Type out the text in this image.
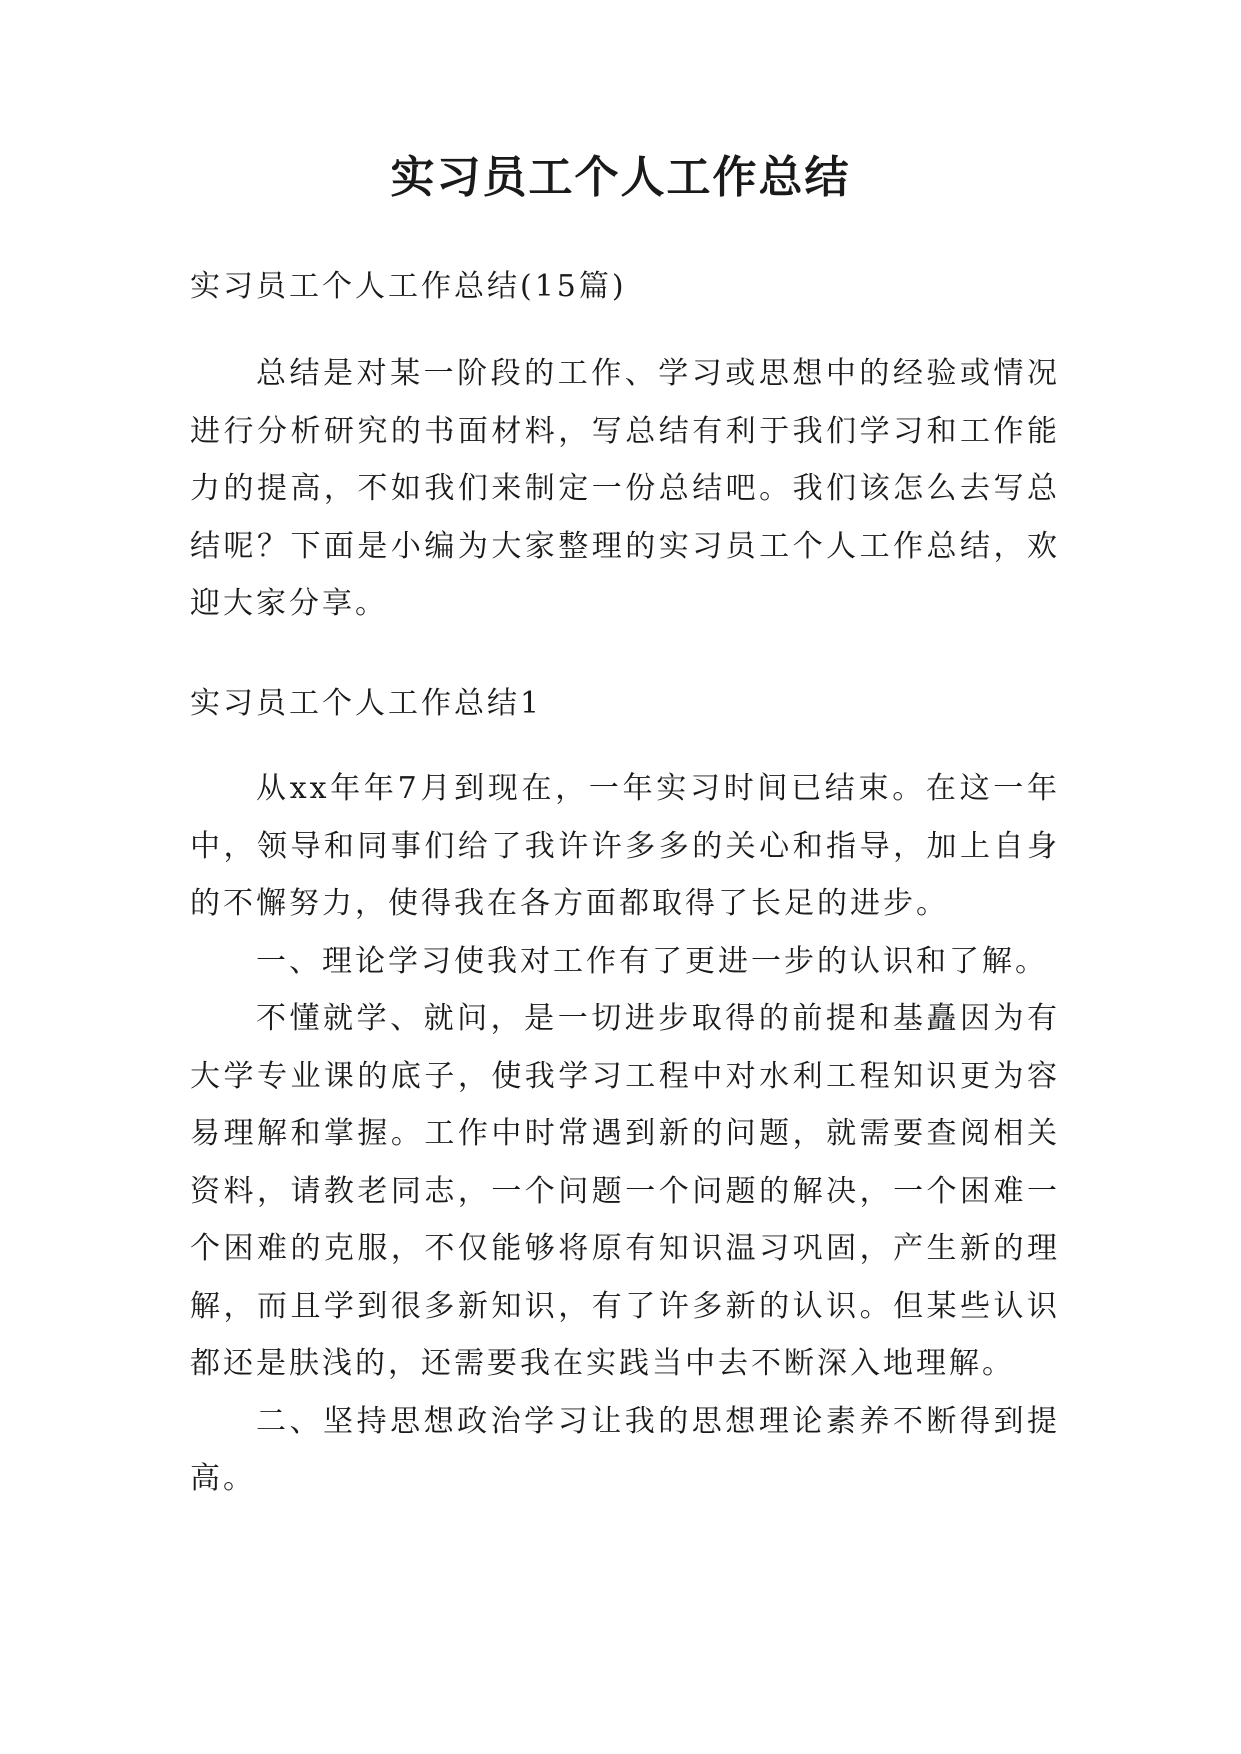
实习员工个人工作总结

实习员工个人工作总结(15篇)

总结是对某一阶段的工作、学习或思想中的经验或情况进行分析研究的书面材料，写总结有利于我们学习和工作能力的提高，不如我们来制定一份总结吧。我们该怎么去写总结呢？下面是小编为大家整理的实习员工个人工作总结，欢迎大家分享。

实习员工个人工作总结1

从xx年年7月到现在，一年实习时间已结束。在这一年中，领导和同事们给了我许许多多的关心和指导，加上自身的不懈努力，使得我在各方面都取得了长足的进步。

一、理论学习使我对工作有了更进一步的认识和了解。

不懂就学、就问，是一切进步取得的前提和基矗因为有大学专业课的底子，使我学习工程中对水利工程知识更为容易理解和掌握。工作中时常遇到新的问题，就需要查阅相关资料，请教老同志，一个问题一个问题的解决，一个困难一个困难的克服，不仅能够将原有知识温习巩固，产生新的理解，而且学到很多新知识，有了许多新的认识。但某些认识都还是肤浅的，还需要我在实践当中去不断深入地理解。

二、坚持思想政治学习让我的思想理论素养不断得到提高。
